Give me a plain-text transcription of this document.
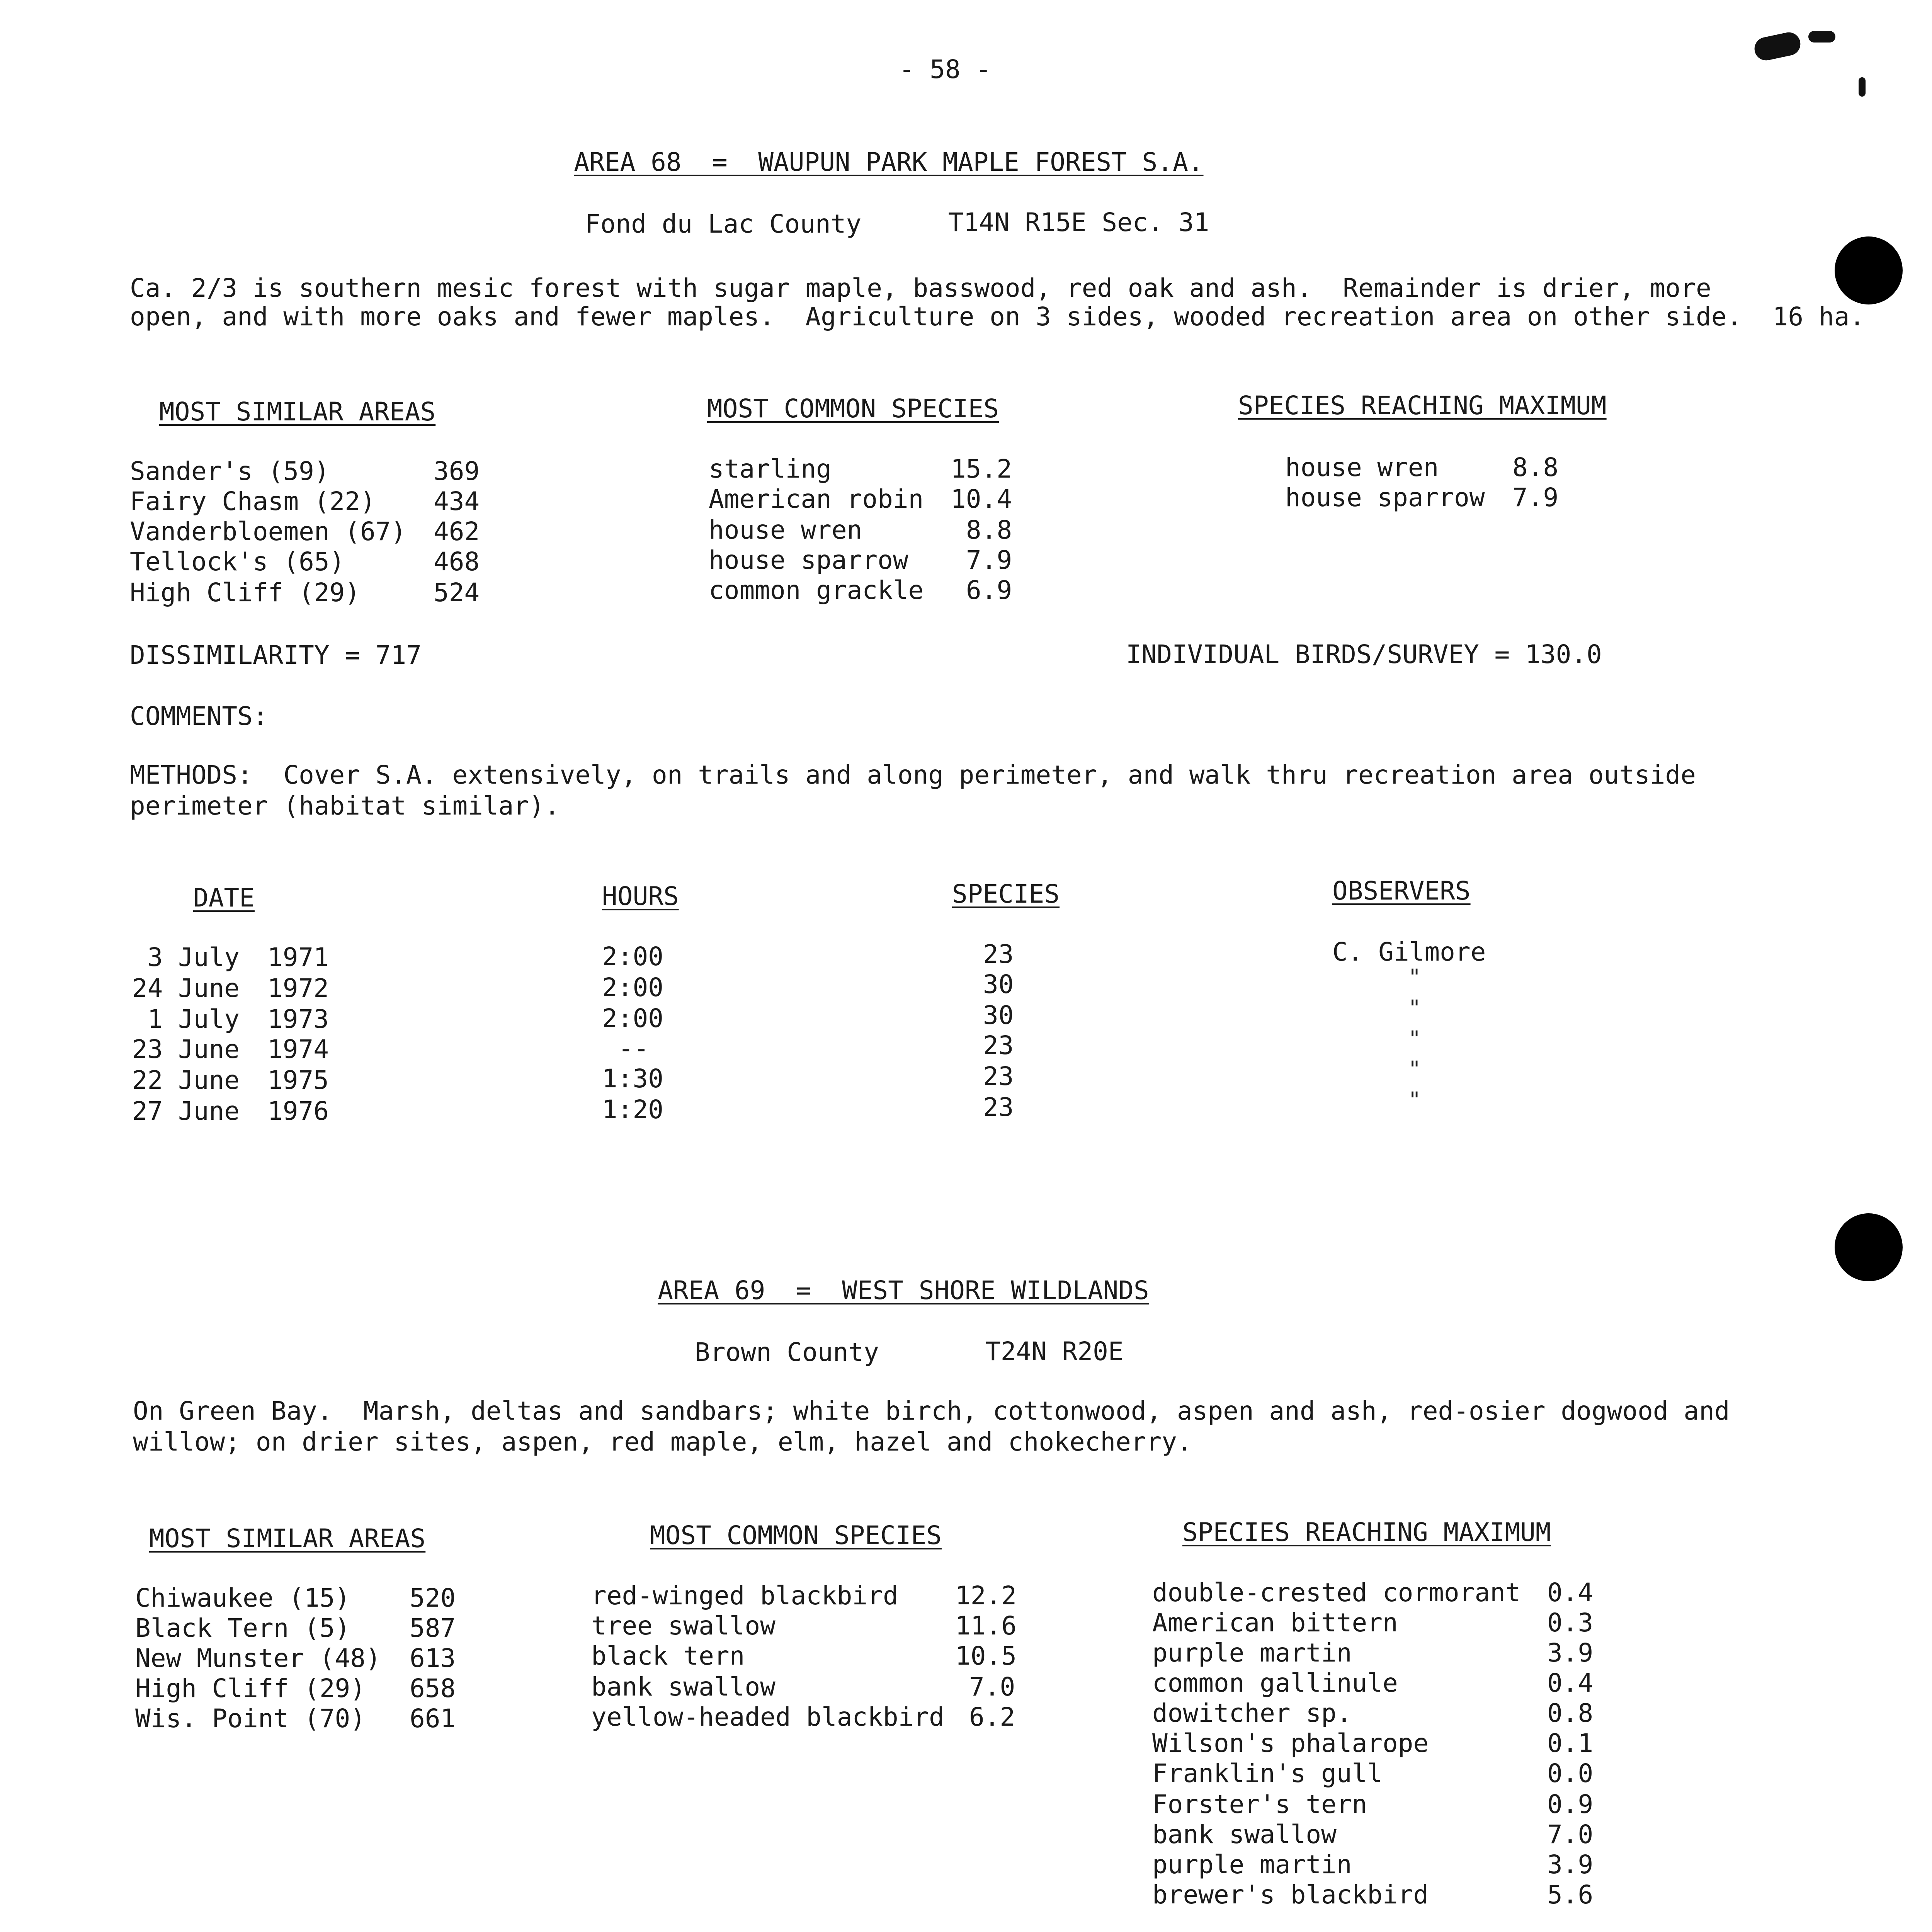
- 58 -
AREA 68  =  WAUPUN PARK MAPLE FOREST S.A.
Fond du Lac County	T14N R15E Sec. 31
Ca. 2/3 is southern mesic forest with sugar maple, basswood, red oak and ash.  Remainder is drier, more
open, and with more oaks and fewer maples.  Agriculture on 3 sides, wooded recreation area on other side.  16 ha.
MOST SIMILAR AREAS	MOST COMMON SPECIES	SPECIES REACHING MAXIMUM
Sander's (59)	369
Fairy Chasm (22) 434
Vanderbloemen (67) 462
Tellock's (65)	468
High Cliff (29)	524
starling	15.2
American robin 10.4
house wren	8.8
house sparrow 7.9
common grackle 6.9
house wren	8.8
house sparrow 7.9
DISSIMILARITY = 717	INDIVIDUAL BIRDS/SURVEY = 130.0
COMMENTS:
METHODS:  Cover S.A. extensively, on trails and along perimeter, and walk thru recreation area outside
perimeter (habitat similar).
DATE	HOURS	SPECIES	OBSERVERS
3 July 1971	2:00	23	C. Gilmore
24 June 1972	2:00	30	"
1 July 1973	2:00	30	"
23 June 1974	--	23	"
22 June 1975	1:30	23	"
27 June 1976	1:20	23	"
AREA 69  =  WEST SHORE WILDLANDS
Brown County	T24N R20E
On Green Bay.  Marsh, deltas and sandbars; white birch, cottonwood, aspen and ash, red-osier dogwood and
willow; on drier sites, aspen, red maple, elm, hazel and chokecherry.
MOST SIMILAR AREAS	MOST COMMON SPECIES	SPECIES REACHING MAXIMUM
Chiwaukee (15) 520
Black Tern (5) 587
New Munster (48) 613
High Cliff (29) 658
Wis. Point (70) 661
red-winged blackbird 12.2
tree swallow	11.6
black tern	10.5
bank swallow	7.0
yellow-headed blackbird 6.2
double-crested cormorant 0.4
American bittern	0.3
purple martin	3.9
common gallinule	0.4
dowitcher sp.	0.8
Wilson's phalarope	0.1
Franklin's gull	0.0
Forster's tern	0.9
bank swallow	7.0
purple martin	3.9
brewer's blackbird	5.6
